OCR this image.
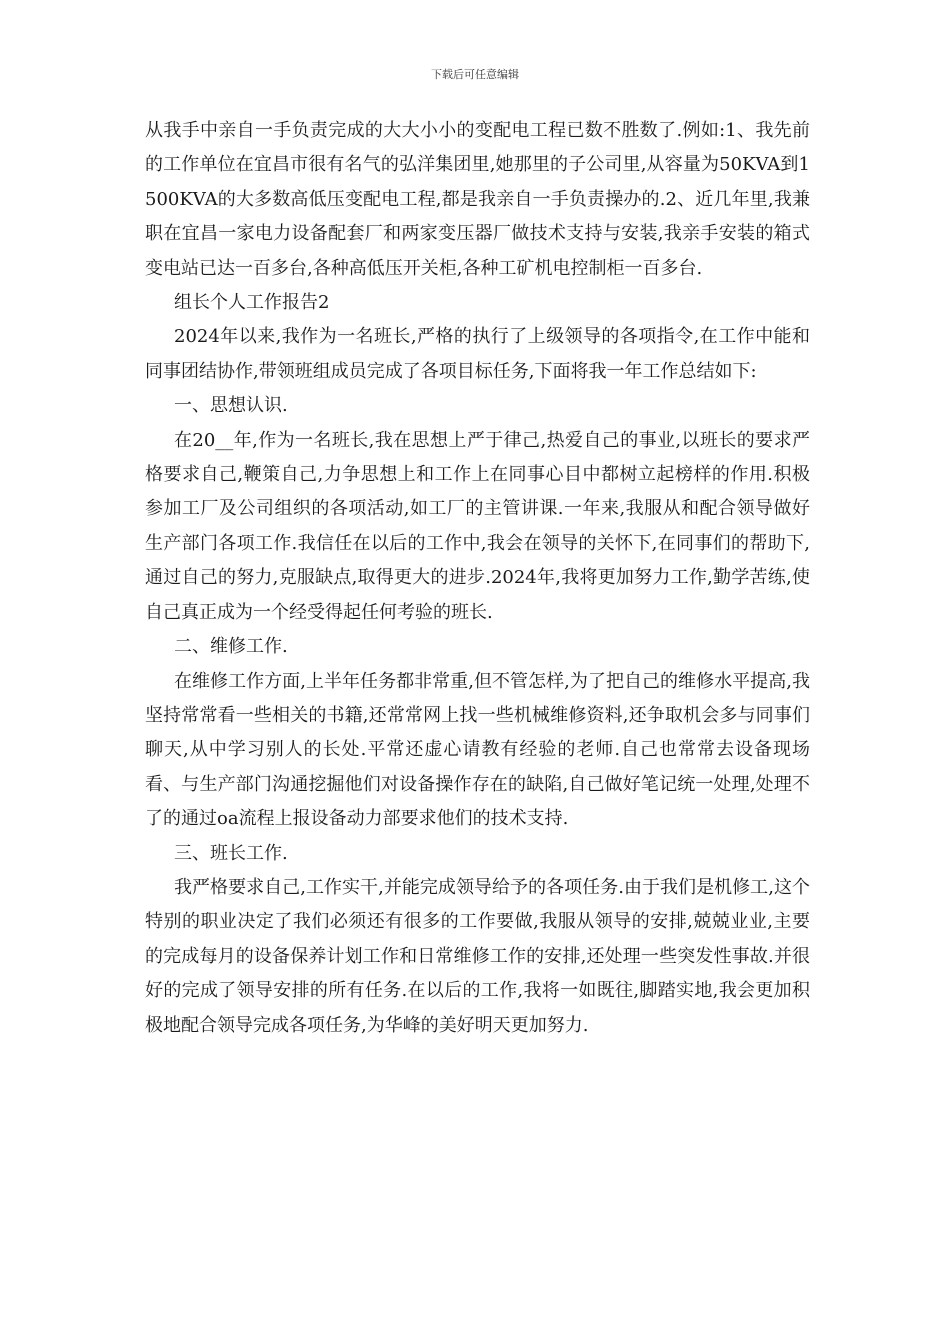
下载后可任意编辑

从我手中亲自一手负责完成的大大小小的变配电工程已数不胜数了.例如:1、我先前的工作单位在宜昌市很有名气的弘洋集团里,她那里的子公司里,从容量为50KVA到1500KVA的大多数高低压变配电工程,都是我亲自一手负责操办的.2、近几年里,我兼职在宜昌一家电力设备配套厂和两家变压器厂做技术支持与安装,我亲手安装的箱式变电站已达一百多台,各种高低压开关柜,各种工矿机电控制柜一百多台.

组长个人工作报告2

2024年以来,我作为一名班长,严格的执行了上级领导的各项指令,在工作中能和同事团结协作,带领班组成员完成了各项目标任务,下面将我一年工作总结如下:

一、思想认识.

在20__年,作为一名班长,我在思想上严于律己,热爱自己的事业,以班长的要求严格要求自己,鞭策自己,力争思想上和工作上在同事心目中都树立起榜样的作用.积极参加工厂及公司组织的各项活动,如工厂的主管讲课.一年来,我服从和配合领导做好生产部门各项工作.我信任在以后的工作中,我会在领导的关怀下,在同事们的帮助下,通过自己的努力,克服缺点,取得更大的进步.2024年,我将更加努力工作,勤学苦练,使自己真正成为一个经受得起任何考验的班长.

二、维修工作.

在维修工作方面,上半年任务都非常重,但不管怎样,为了把自己的维修水平提高,我坚持常常看一些相关的书籍,还常常网上找一些机械维修资料,还争取机会多与同事们聊天,从中学习别人的长处.平常还虚心请教有经验的老师.自己也常常去设备现场看、与生产部门沟通挖掘他们对设备操作存在的缺陷,自己做好笔记统一处理,处理不了的通过oa流程上报设备动力部要求他们的技术支持.

三、班长工作.

我严格要求自己,工作实干,并能完成领导给予的各项任务.由于我们是机修工,这个特别的职业决定了我们必须还有很多的工作要做,我服从领导的安排,兢兢业业,主要的完成每月的设备保养计划工作和日常维修工作的安排,还处理一些突发性事故.并很好的完成了领导安排的所有任务.在以后的工作,我将一如既往,脚踏实地,我会更加积极地配合领导完成各项任务,为华峰的美好明天更加努力.
